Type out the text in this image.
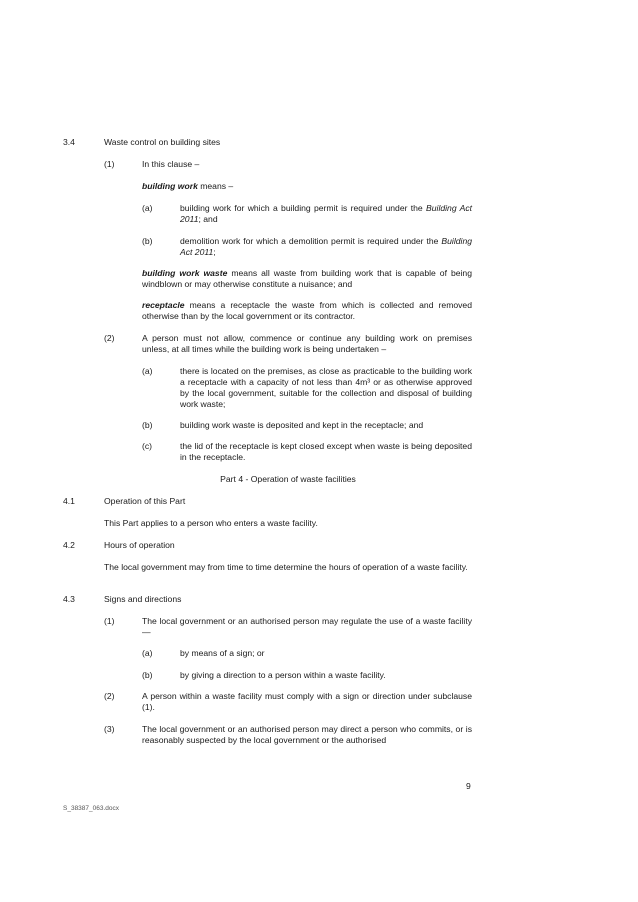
3.4	Waste control on building sites
(1)	In this clause –
building work means –
(a)	building work for which a building permit is required under the Building Act 2011; and
(b)	demolition work for which a demolition permit is required under the Building Act 2011;
building work waste means all waste from building work that is capable of being windblown or may otherwise constitute a nuisance; and
receptacle means a receptacle the waste from which is collected and removed otherwise than by the local government or its contractor.
(2)	A person must not allow, commence or continue any building work on premises unless, at all times while the building work is being undertaken –
(a)	there is located on the premises, as close as practicable to the building work a receptacle with a capacity of not less than 4m³ or as otherwise approved by the local government, suitable for the collection and disposal of building work waste;
(b)	building work waste is deposited and kept in the receptacle; and
(c)	the lid of the receptacle is kept closed except when waste is being deposited in the receptacle.
Part 4 - Operation of waste facilities
4.1	Operation of this Part
This Part applies to a person who enters a waste facility.
4.2	Hours of operation
The local government may from time to time determine the hours of operation of a waste facility.
4.3	Signs and directions
(1)	The local government or an authorised person may regulate the use of a waste facility—
(a)	by means of a sign; or
(b)	by giving a direction to a person within a waste facility.
(2)	A person within a waste facility must comply with a sign or direction under subclause (1).
(3)	The local government or an authorised person may direct a person who commits, or is reasonably suspected by the local government or the authorised
9
S_38387_063.docx
